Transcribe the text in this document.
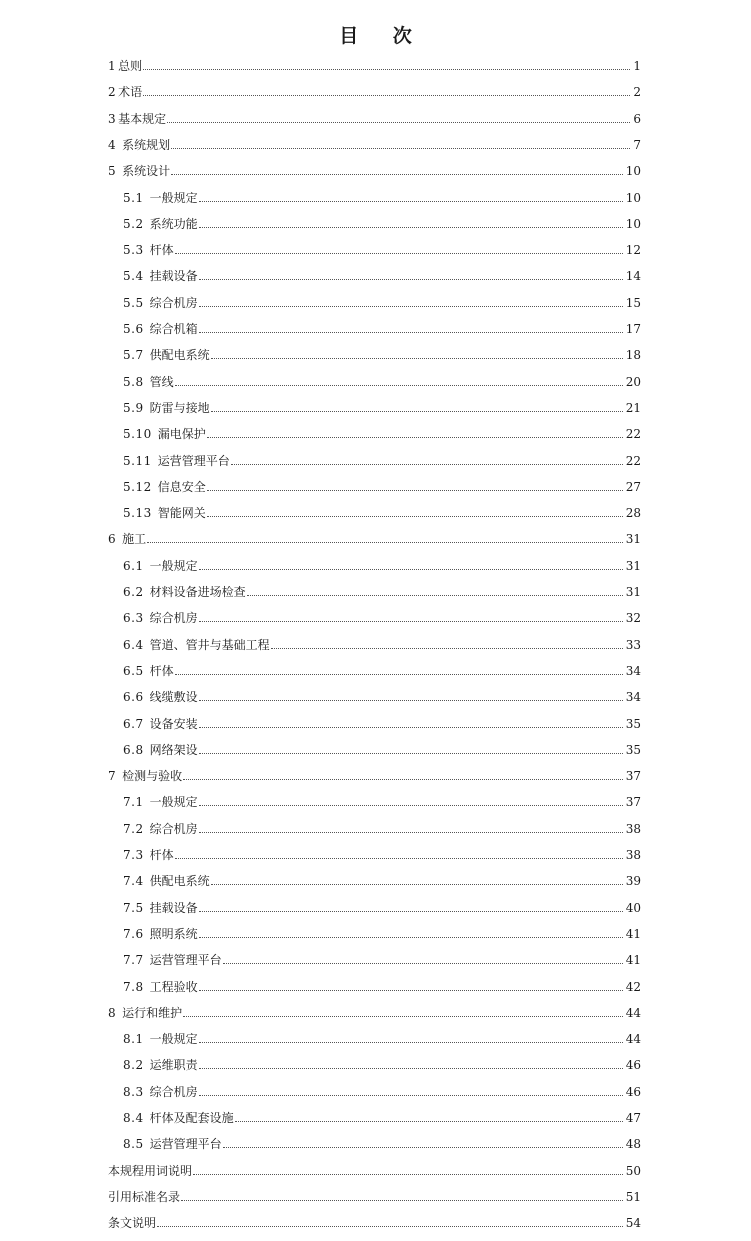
目 次
1 总则	1
2 术语	2
3 基本规定	6
4 系统规划	7
5 系统设计	10
5.1 一般规定	10
5.2 系统功能	10
5.3 杆体	12
5.4 挂载设备	14
5.5 综合机房	15
5.6 综合机箱	17
5.7 供配电系统	18
5.8 管线	20
5.9 防雷与接地	21
5.10 漏电保护	22
5.11 运营管理平台	22
5.12 信息安全	27
5.13 智能网关	28
6 施工	31
6.1 一般规定	31
6.2 材料设备进场检查	31
6.3 综合机房	32
6.4 管道、管井与基础工程	33
6.5 杆体	34
6.6 线缆敷设	34
6.7 设备安装	35
6.8 网络架设	35
7 检测与验收	37
7.1 一般规定	37
7.2 综合机房	38
7.3 杆体	38
7.4 供配电系统	39
7.5 挂载设备	40
7.6 照明系统	41
7.7 运营管理平台	41
7.8 工程验收	42
8 运行和维护	44
8.1 一般规定	44
8.2 运维职责	46
8.3 综合机房	46
8.4 杆体及配套设施	47
8.5 运营管理平台	48
本规程用词说明	50
引用标准名录	51
条文说明	54
